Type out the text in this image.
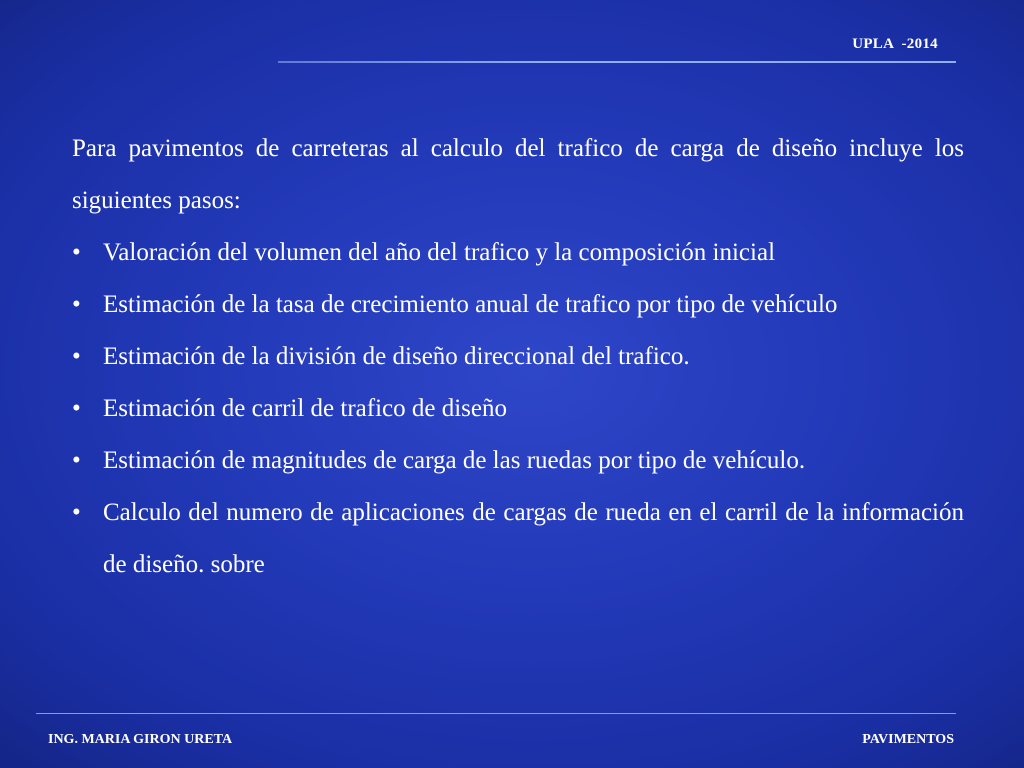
UPLA  -2014

Para pavimentos de carreteras al calculo del trafico de carga de diseño incluye los siguientes pasos:

• Valoración del volumen del año del trafico y la composición inicial
• Estimación de la tasa de crecimiento anual de trafico por tipo de vehículo
• Estimación de la división de diseño direccional del trafico.
• Estimación de carril de trafico de diseño
• Estimación de magnitudes de carga de las ruedas por tipo de vehículo.
• Calculo del numero de aplicaciones de cargas de rueda en el carril de la información de diseño. sobre
ING. MARIA GIRON URETA	PAVIMENTOS
